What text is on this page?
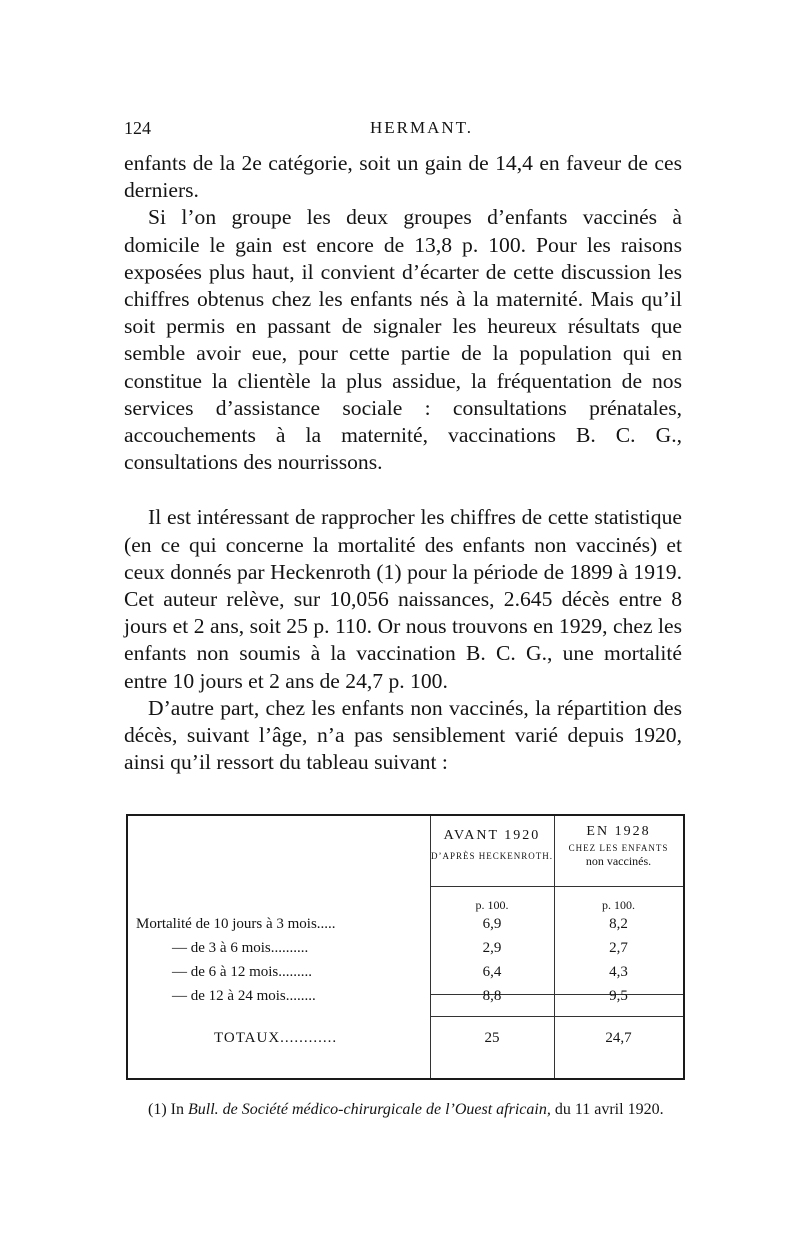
124	HERMANT.

enfants de la 2e catégorie, soit un gain de 14,4 en faveur de ces derniers.

Si l’on groupe les deux groupes d’enfants vaccinés à domicile le gain est encore de 13,8 p. 100. Pour les raisons exposées plus haut, il convient d’écarter de cette discussion les chiffres obtenus chez les enfants nés à la maternité. Mais qu’il soit permis en passant de signaler les heureux résultats que semble avoir eue, pour cette partie de la population qui en constitue la clientèle la plus assidue, la fréquentation de nos services d’assistance sociale : consultations prénatales, accouchements à la maternité, vaccinations B. C. G., consultations des nourrissons.

Il est intéressant de rapprocher les chiffres de cette statistique (en ce qui concerne la mortalité des enfants non vaccinés) et ceux donnés par Heckenroth (1) pour la période de 1899 à 1919. Cet auteur relève, sur 10,056 naissances, 2.645 décès entre 8 jours et 2 ans, soit 25 p. 110. Or nous trouvons en 1929, chez les enfants non soumis à la vaccination B. C. G., une mortalité entre 10 jours et 2 ans de 24,7 p. 100.

D’autre part, chez les enfants non vaccinés, la répartition des décès, suivant l’âge, n’a pas sensiblement varié depuis 1920, ainsi qu’il ressort du tableau suivant :

AVANT 1920
D’APRÈS HECKENROTH.
EN 1928
CHEZ LES ENFANTS
non vaccinés.
p. 100.	p. 100.
Mortalité de 10 jours à 3 mois.....	6,9	8,2
— de 3 à 6 mois..........	2,9	2,7
— de 6 à 12 mois.........	6,4	4,3
— de 12 à 24 mois........	8,8	9,5
TOTAUX............	25	24,7

(1) In Bull. de Société médico-chirurgicale de l’Ouest africain, du 11 avril 1920.
